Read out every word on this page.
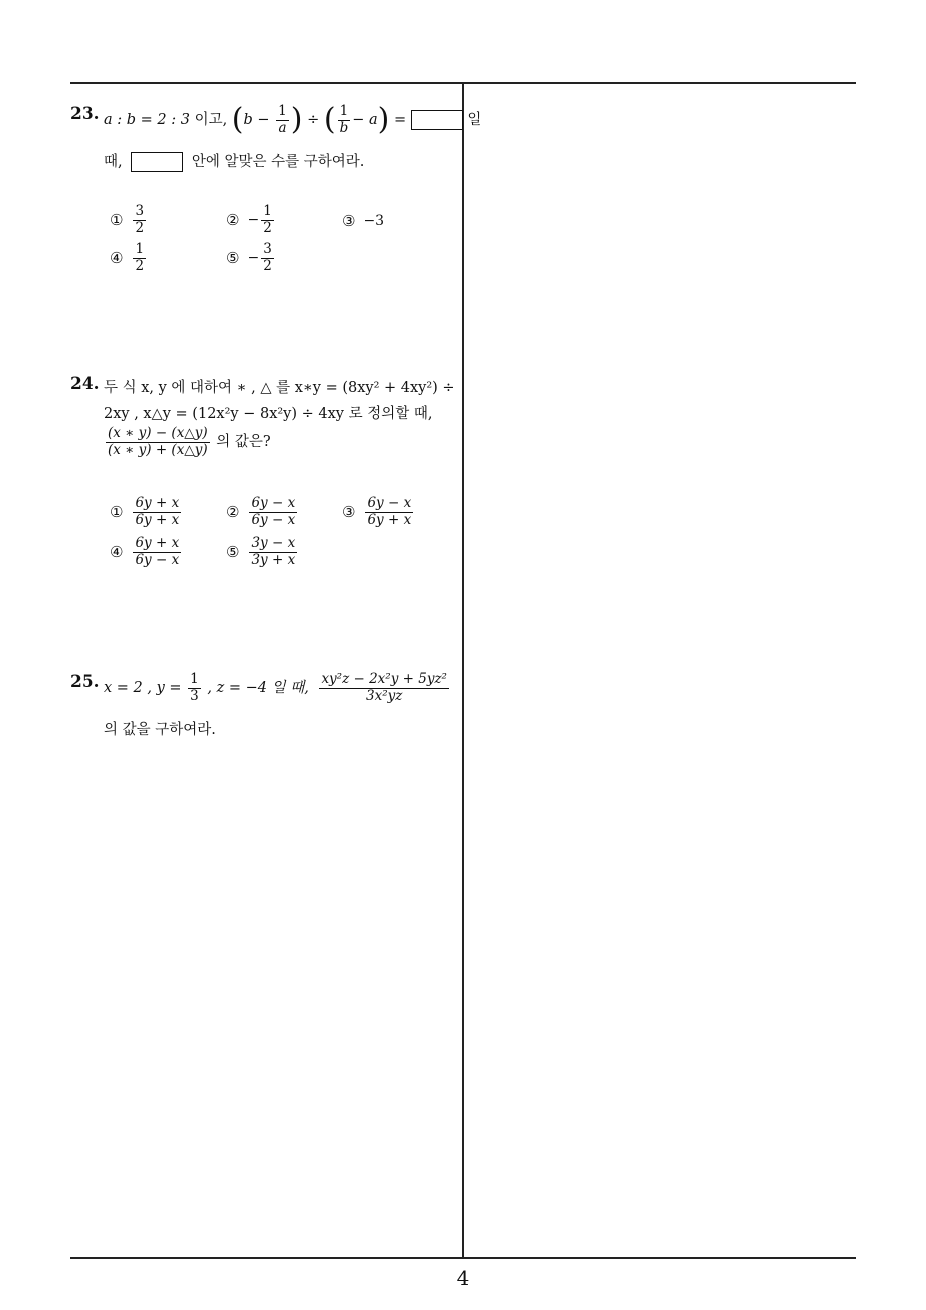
23. a : b = 2 : 3 이고, ($b - \frac{1}{a}$ ) ÷ ( $\frac{1}{b} - a$) =	일
때,	안에 알맞은 수를 구하여라.
① $\frac{3}{2}$	② − $\frac{1}{2}$	③ −3
④ $\frac{1}{2}$	⑤ − $\frac{3}{2}$
24. 두 식 x, y 에 대하여 ∗ , △ 를 x∗y = (8xy² + 4xy²) ÷
2xy , x△y = (12x²y − 8x²y) ÷ 4xy 로 정의할 때,
$\frac{(x ∗ y) - (x\triangle y)}{(x ∗ y) + (x\triangle y)}$ 의 값은?
① $\frac{6y + x}{6y + x}$	② $\frac{6y - x}{6y - x}$	③ $\frac{6y - x}{6y + x}$
④ $\frac{6y + x}{6y - x}$	⑤ $\frac{3y - x}{3y + x}$
25. x = 2 , $y = \frac{1}{3}$ , z = −4 일 때, $\frac{\text{xy²z − 2x²y + 5yz²}}{\text{3x²yz}}$
의 값을 구하여라.
4
